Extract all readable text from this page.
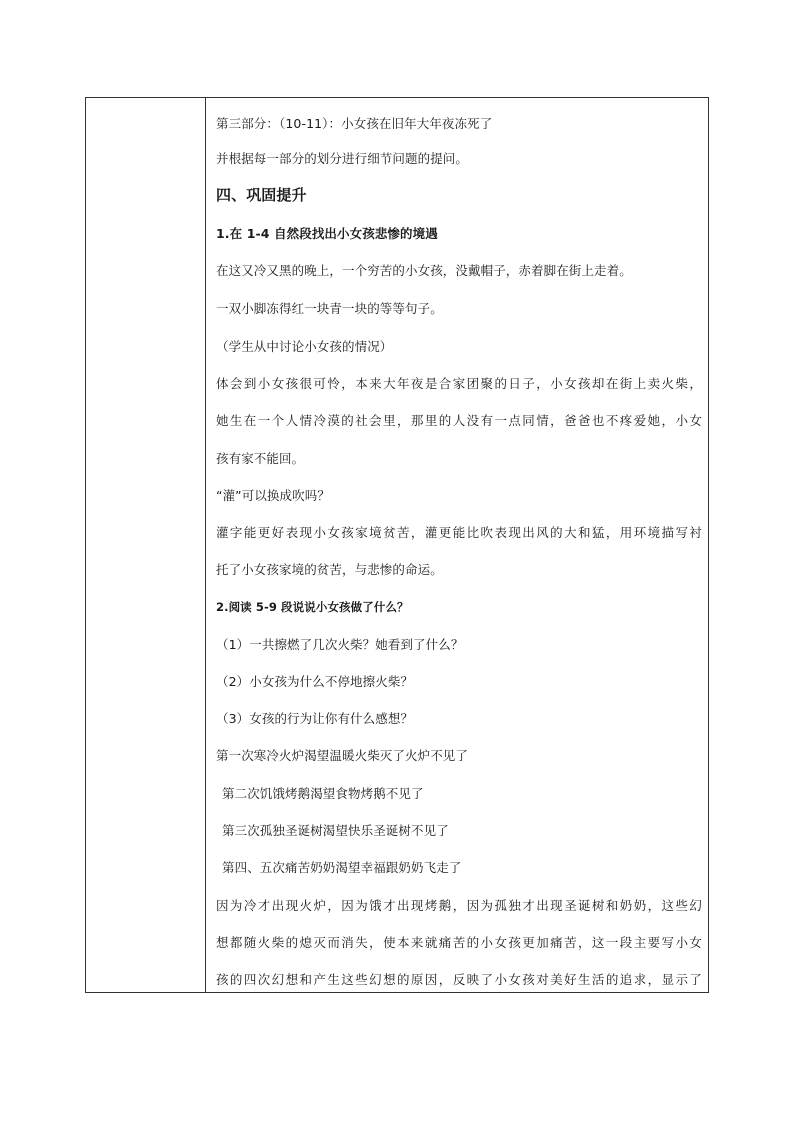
第三部分：（10-11）：小女孩在旧年大年夜冻死了
并根据每一部分的划分进行细节问题的提问。
四、巩固提升
1.在 1-4 自然段找出小女孩悲惨的境遇
在这又冷又黑的晚上，一个穷苦的小女孩，没戴帽子，赤着脚在街上走着。
一双小脚冻得红一块青一块的等等句子。
（学生从中讨论小女孩的情况）
体会到小女孩很可怜，本来大年夜是合家团聚的日子，小女孩却在街上卖火柴，
她生在一个人情冷漠的社会里，那里的人没有一点同情，爸爸也不疼爱她，小女
孩有家不能回。
“灌”可以换成吹吗？
灌字能更好表现小女孩家境贫苦，灌更能比吹表现出风的大和猛，用环境描写衬
托了小女孩家境的贫苦，与悲惨的命运。
2.阅读 5-9 段说说小女孩做了什么？
（1）一共擦燃了几次火柴？她看到了什么？
（2）小女孩为什么不停地擦火柴？
（3）女孩的行为让你有什么感想？
第一次寒冷火炉渴望温暖火柴灭了火炉不见了
第二次饥饿烤鹅渴望食物烤鹅不见了
第三次孤独圣诞树渴望快乐圣诞树不见了
第四、五次痛苦奶奶渴望幸福跟奶奶飞走了
因为冷才出现火炉，因为饿才出现烤鹅，因为孤独才出现圣诞树和奶奶，这些幻
想都随火柴的熄灭而消失，使本来就痛苦的小女孩更加痛苦，这一段主要写小女
孩的四次幻想和产生这些幻想的原因，反映了小女孩对美好生活的追求，显示了
